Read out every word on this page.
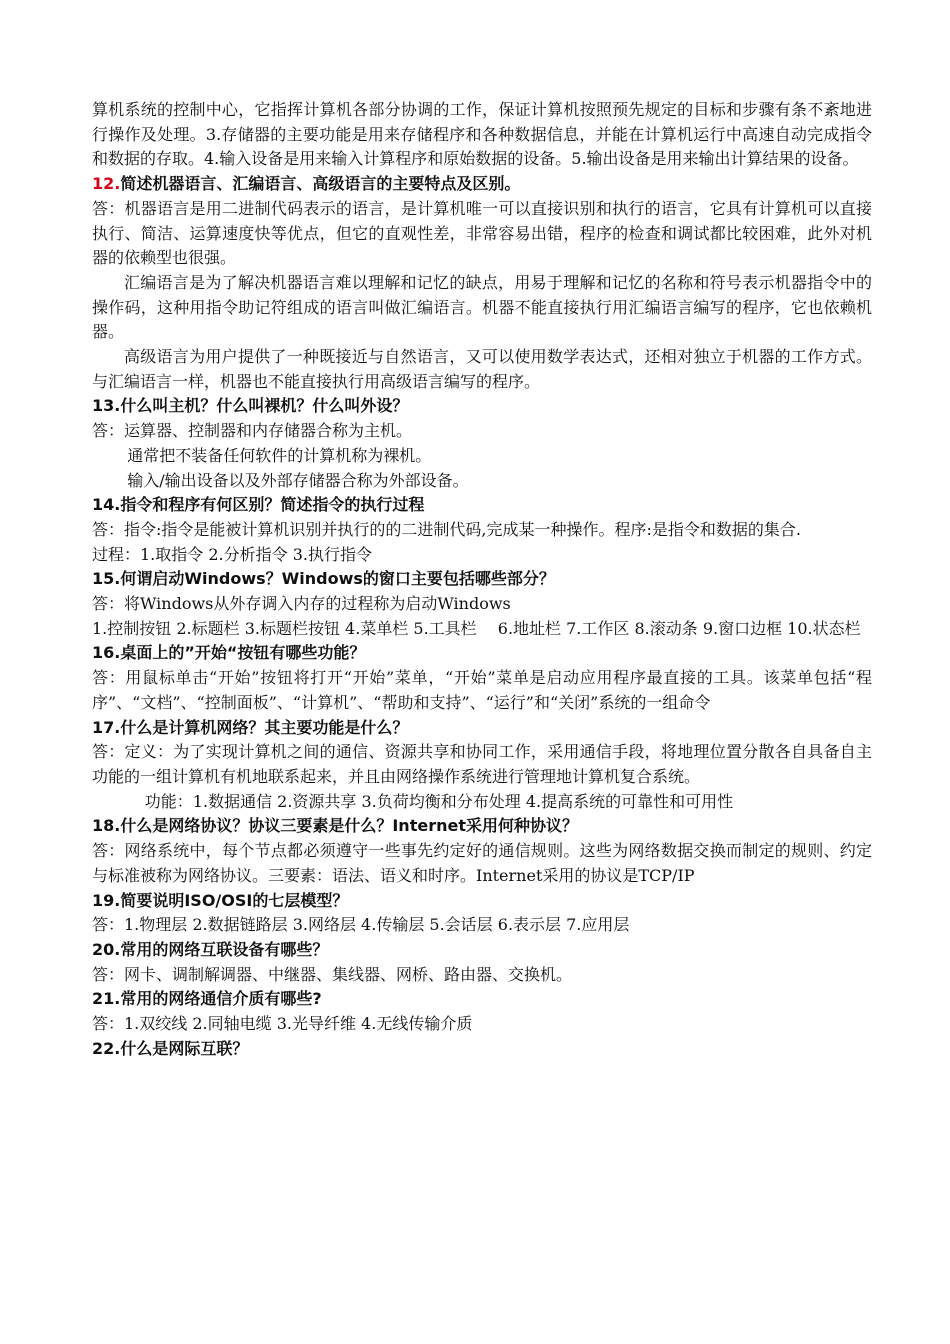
算机系统的控制中心，它指挥计算机各部分协调的工作，保证计算机按照预先规定的目标和步骤有条不紊地进行操作及处理。3.存储器的主要功能是用来存储程序和各种数据信息，并能在计算机运行中高速自动完成指令和数据的存取。4.输入设备是用来输入计算程序和原始数据的设备。5.输出设备是用来输出计算结果的设备。

12.简述机器语言、汇编语言、高级语言的主要特点及区别。

答：机器语言是用二进制代码表示的语言，是计算机唯一可以直接识别和执行的语言，它具有计算机可以直接执行、简洁、运算速度快等优点，但它的直观性差，非常容易出错，程序的检查和调试都比较困难，此外对机器的依赖型也很强。

汇编语言是为了解决机器语言难以理解和记忆的缺点，用易于理解和记忆的名称和符号表示机器指令中的操作码，这种用指令助记符组成的语言叫做汇编语言。机器不能直接执行用汇编语言编写的程序，它也依赖机器。

高级语言为用户提供了一种既接近与自然语言，又可以使用数学表达式，还相对独立于机器的工作方式。与汇编语言一样，机器也不能直接执行用高级语言编写的程序。

13.什么叫主机？什么叫裸机？什么叫外设？

答：运算器、控制器和内存储器合称为主机。

通常把不装备任何软件的计算机称为裸机。

输入/输出设备以及外部存储器合称为外部设备。

14.指令和程序有何区别？简述指令的执行过程

答：指令:指令是能被计算机识别并执行的的二进制代码,完成某一种操作。程序:是指令和数据的集合.

过程：1.取指令 2.分析指令 3.执行指令

15.何谓启动Windows？Windows的窗口主要包括哪些部分？

答：将Windows从外存调入内存的过程称为启动Windows

1.控制按钮 2.标题栏 3.标题栏按钮 4.菜单栏 5.工具栏　 6.地址栏 7.工作区 8.滚动条 9.窗口边框 10.状态栏

16.桌面上的”开始“按钮有哪些功能？

答：用鼠标单击“开始”按钮将打开“开始”菜单，“开始”菜单是启动应用程序最直接的工具。该菜单包括“程序”、“文档”、“控制面板”、“计算机”、“帮助和支持”、“运行”和“关闭”系统的一组命令

17.什么是计算机网络？其主要功能是什么？

答：定义：为了实现计算机之间的通信、资源共享和协同工作，采用通信手段，将地理位置分散各自具备自主功能的一组计算机有机地联系起来，并且由网络操作系统进行管理地计算机复合系统。

功能：1.数据通信 2.资源共享 3.负荷均衡和分布处理 4.提高系统的可靠性和可用性

18.什么是网络协议？协议三要素是什么？Internet采用何种协议？

答：网络系统中，每个节点都必须遵守一些事先约定好的通信规则。这些为网络数据交换而制定的规则、约定与标准被称为网络协议。三要素：语法、语义和时序。Internet采用的协议是TCP/IP

19.简要说明ISO/OSI的七层模型？

答：1.物理层 2.数据链路层 3.网络层 4.传输层 5.会话层 6.表示层 7.应用层

20.常用的网络互联设备有哪些？

答：网卡、调制解调器、中继器、集线器、网桥、路由器、交换机。

21.常用的网络通信介质有哪些?

答：1.双绞线 2.同轴电缆 3.光导纤维 4.无线传输介质

22.什么是网际互联？
